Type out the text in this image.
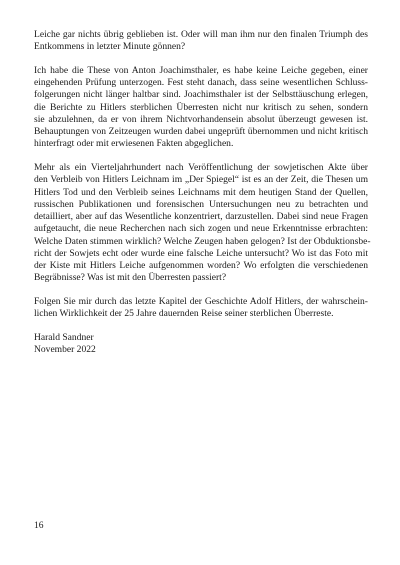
Leiche gar nichts übrig geblieben ist. Oder will man ihm nur den finalen Triumph des
Entkommens in letzter Minute gönnen?

Ich habe die These von Anton Joachimsthaler, es habe keine Leiche gegeben, einer
eingehenden Prüfung unterzogen. Fest steht danach, dass seine wesentlichen Schluss-
folgerungen nicht länger haltbar sind. Joachimsthaler ist der Selbsttäuschung erlegen,
die Berichte zu Hitlers sterblichen Überresten nicht nur kritisch zu sehen, sondern
sie abzulehnen, da er von ihrem Nichtvorhandensein absolut überzeugt gewesen ist.
Behauptungen von Zeitzeugen wurden dabei ungeprüft übernommen und nicht kritisch
hinterfragt oder mit erwiesenen Fakten abgeglichen.

Mehr als ein Vierteljahrhundert nach Veröffentlichung der sowjetischen Akte über
den Verbleib von Hitlers Leichnam im „Der Spiegel“ ist es an der Zeit, die Thesen um
Hitlers Tod und den Verbleib seines Leichnams mit dem heutigen Stand der Quellen,
russischen Publikationen und forensischen Untersuchungen neu zu betrachten und
detailliert, aber auf das Wesentliche konzentriert, darzustellen. Dabei sind neue Fragen
aufgetaucht, die neue Recherchen nach sich zogen und neue Erkenntnisse erbrachten:
Welche Daten stimmen wirklich? Welche Zeugen haben gelogen? Ist der Obduktionsbe-
richt der Sowjets echt oder wurde eine falsche Leiche untersucht? Wo ist das Foto mit
der Kiste mit Hitlers Leiche aufgenommen worden? Wo erfolgten die verschiedenen
Begräbnisse? Was ist mit den Überresten passiert?

Folgen Sie mir durch das letzte Kapitel der Geschichte Adolf Hitlers, der wahrschein-
lichen Wirklichkeit der 25 Jahre dauernden Reise seiner sterblichen Überreste.

Harald Sandner
November 2022

16
